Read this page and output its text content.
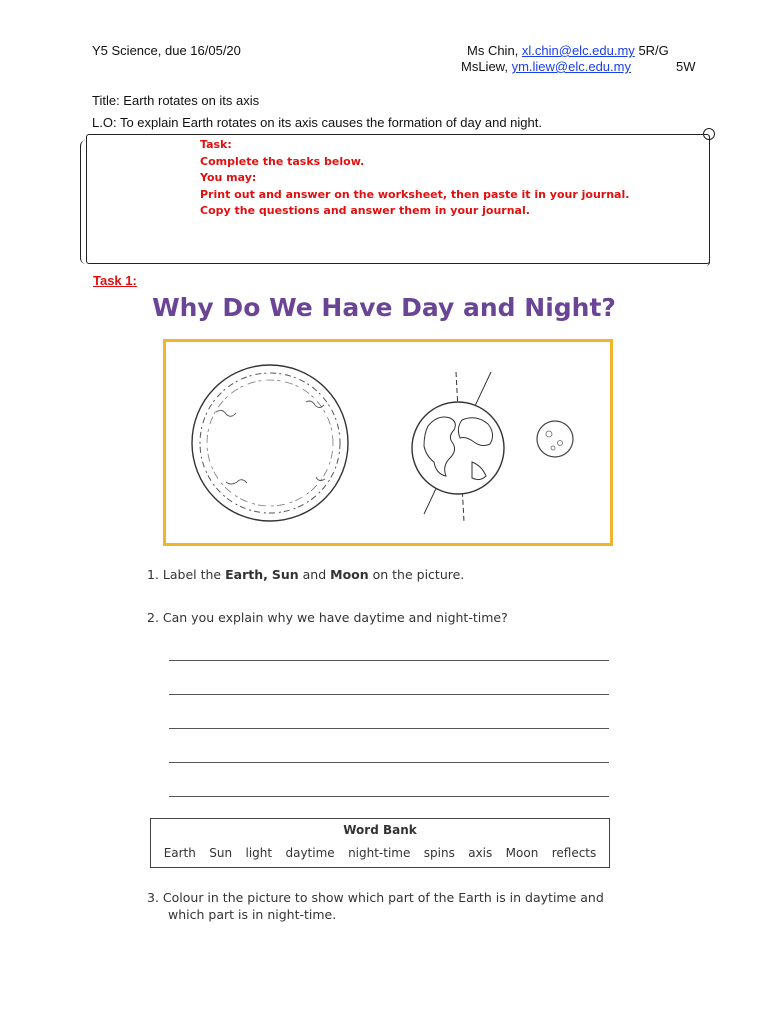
Y5 Science, due 16/05/20	Ms Chin, xl.chin@elc.edu.my 5R/G
MsLiew, ym.liew@elc.edu.my	5W
Title: Earth rotates on its axis
L.O: To explain Earth rotates on its axis causes the formation of day and night.
Task:
Complete the tasks below.
You may:
Print out and answer on the worksheet, then paste it in your journal.
Copy the questions and answer them in your journal.
Task 1:
Why Do We Have Day and Night?
1. Label the Earth, Sun and Moon on the picture.
2. Can you explain why we have daytime and night-time?
Word Bank
Earth Sun light daytime night-time spins axis Moon reflects
3. Colour in the picture to show which part of the Earth is in daytime and
which part is in night-time.
